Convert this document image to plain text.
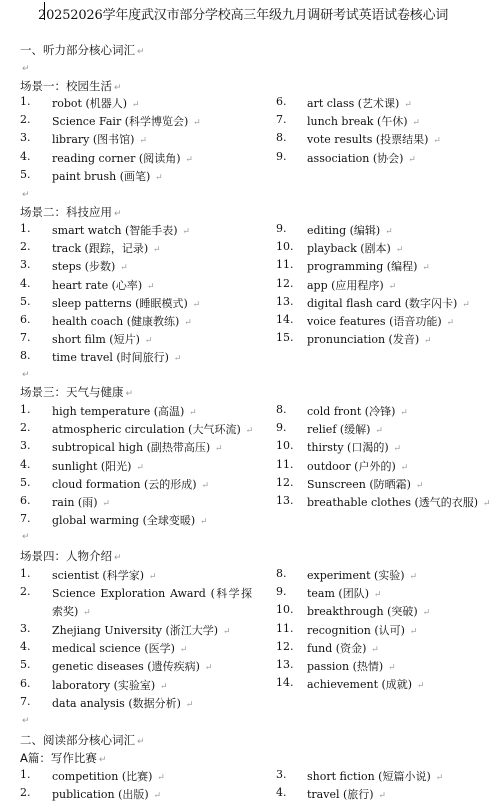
20252026学年度武汉市部分学校高三年级九月调研考试英语试卷核心词
一、听力部分核心词汇 ↵
↵
场景一：校园生活 ↵
1. robot (机器人) ↵
2. Science Fair (科学博览会) ↵
3. library (图书馆) ↵
4. reading corner (阅读角) ↵
5. paint brush (画笔) ↵
6. art class (艺术课) ↵
7. lunch break (午休) ↵
8. vote results (投票结果) ↵
9. association (协会) ↵
↵
场景二：科技应用 ↵
1. smart watch (智能手表) ↵
2. track (跟踪，记录) ↵
3. steps (步数) ↵
4. heart rate (心率) ↵
5. sleep patterns (睡眠模式) ↵
6. health coach (健康教练) ↵
7. short film (短片) ↵
8. time travel (时间旅行) ↵
9. editing (编辑) ↵
10. playback (剧本) ↵
11. programming (编程) ↵
12. app (应用程序) ↵
13. digital flash card (数字闪卡) ↵
14. voice features (语音功能) ↵
15. pronunciation (发音) ↵
↵
场景三：天气与健康 ↵
1. high temperature (高温) ↵
2. atmospheric circulation (大气环流) ↵
3. subtropical high (副热带高压) ↵
4. sunlight (阳光) ↵
5. cloud formation (云的形成) ↵
6. rain (雨) ↵
7. global warming (全球变暖) ↵
8. cold front (冷锋) ↵
9. relief (缓解) ↵
10. thirsty (口渴的) ↵
11. outdoor (户外的) ↵
12. Sunscreen (防晒霜) ↵
13. breathable clothes (透气的衣服) ↵
↵
场景四：人物介绍 ↵
1. scientist (科学家) ↵
2. Science Exploration Award (科学探索奖) ↵
3. Zhejiang University (浙江大学) ↵
4. medical science (医学) ↵
5. genetic diseases (遗传疾病) ↵
6. laboratory (实验室) ↵
7. data analysis (数据分析) ↵
8. experiment (实验) ↵
9. team (团队) ↵
10. breakthrough (突破) ↵
11. recognition (认可) ↵
12. fund (资金) ↵
13. passion (热情) ↵
14. achievement (成就) ↵
↵
二、阅读部分核心词汇 ↵
A篇：写作比赛 ↵
1. competition (比赛) ↵
2. publication (出版) ↵
3. short fiction (短篇小说) ↵
4. travel (旅行) ↵
